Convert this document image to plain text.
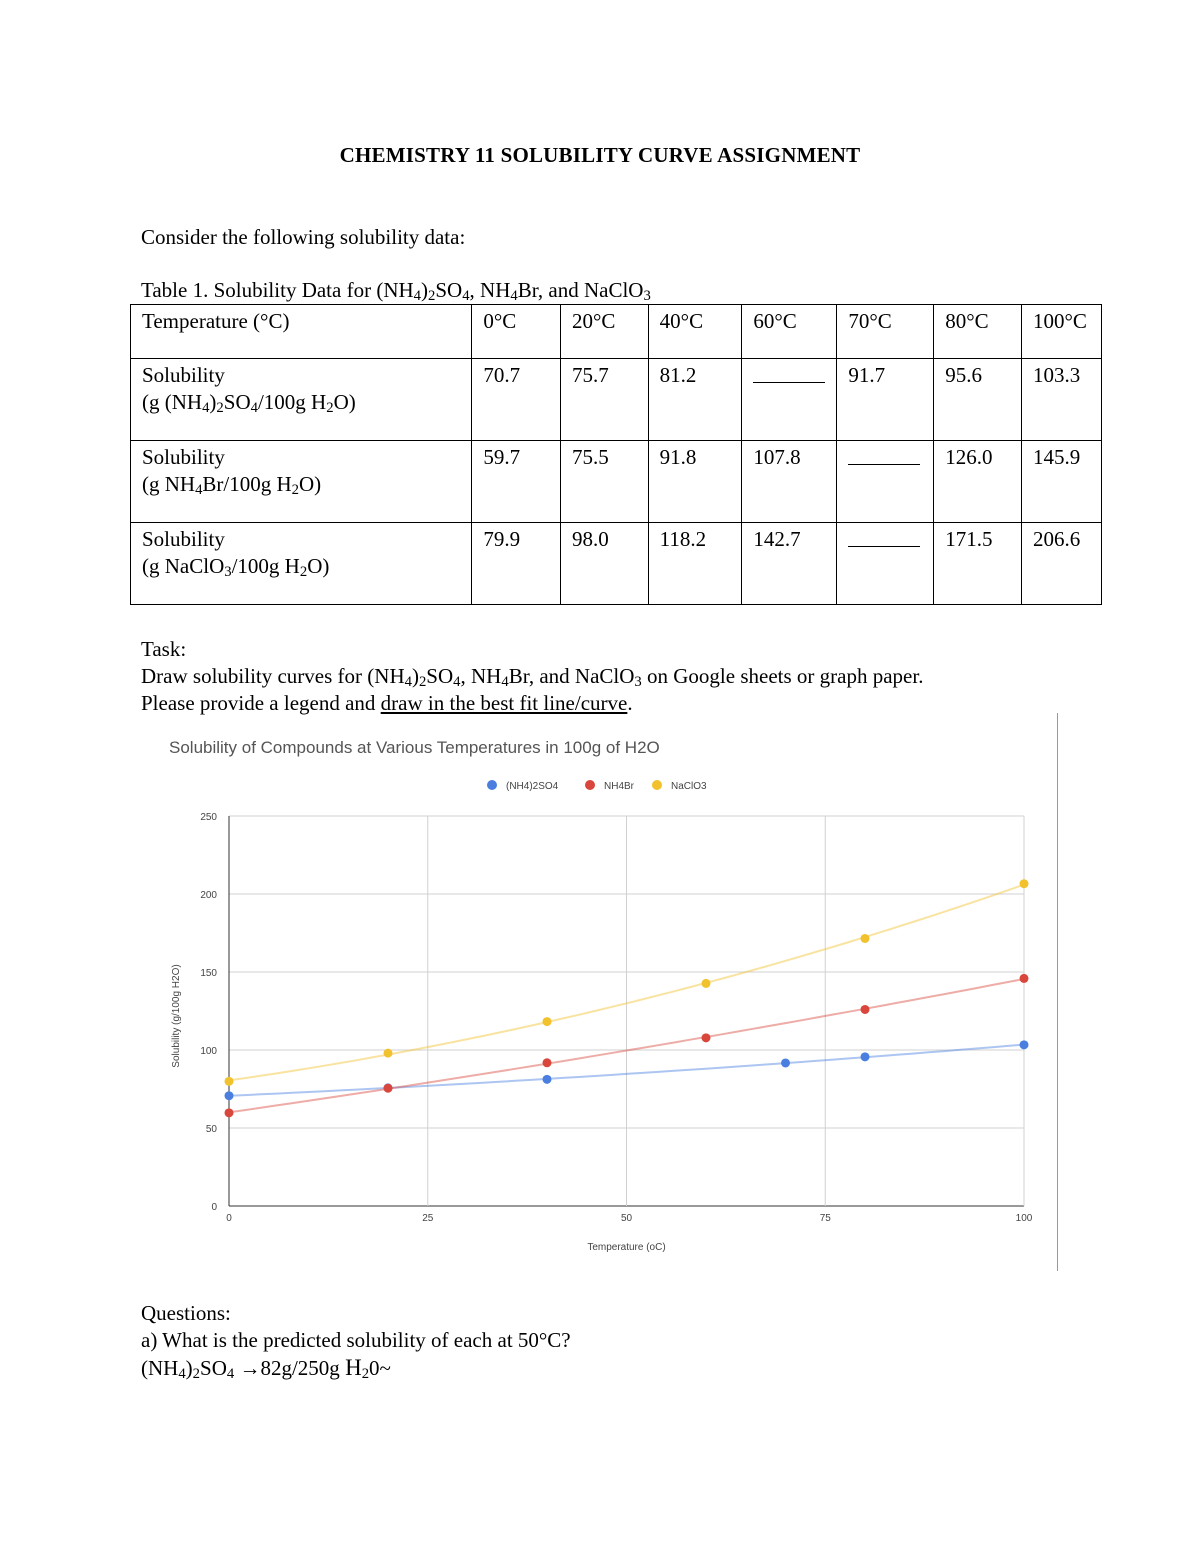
CHEMISTRY 11 SOLUBILITY CURVE ASSIGNMENT
Consider the following solubility data:
Table 1. Solubility Data for $(NH_4)_2SO_4$, $NH_4Br$, and NaClO$_3$
Temperature (°C)	0°C	20°C	40°C	60°C	70°C	80°C	100°C
Solubility
(g $(NH_4)_2SO_4/100g$ $H_2O$)	70.7	75.7	81.2		91.7	95.6	103.3
Solubility
(g $NH_4Br/100g$ $H_2O$)	59.7	75.5	91.8	107.8		126.0	145.9
Solubility
(g NaClO$_3$/100g $H_2O$)	79.9	98.0	118.2	142.7		171.5	206.6
Task:
Draw solubility curves for $(NH_4)_2SO_4$, $NH_4Br$, and NaClO$_3$ on Google sheets or graph paper.
Please provide a legend and draw in the best fit line/curve.
Solubility of Compounds at Various Temperatures in 100g of H2O
0
50
100
150
200
250
0	25	50	75	100
Temperature (oC)
Solubility (g/100g H2O)
(NH4)2SO4	NH4Br	NaClO3
Questions:
a) What is the predicted solubility of each at 50°C?
$(NH_4)_2SO_4 \to 82g/250g$ $H_20\sim$
